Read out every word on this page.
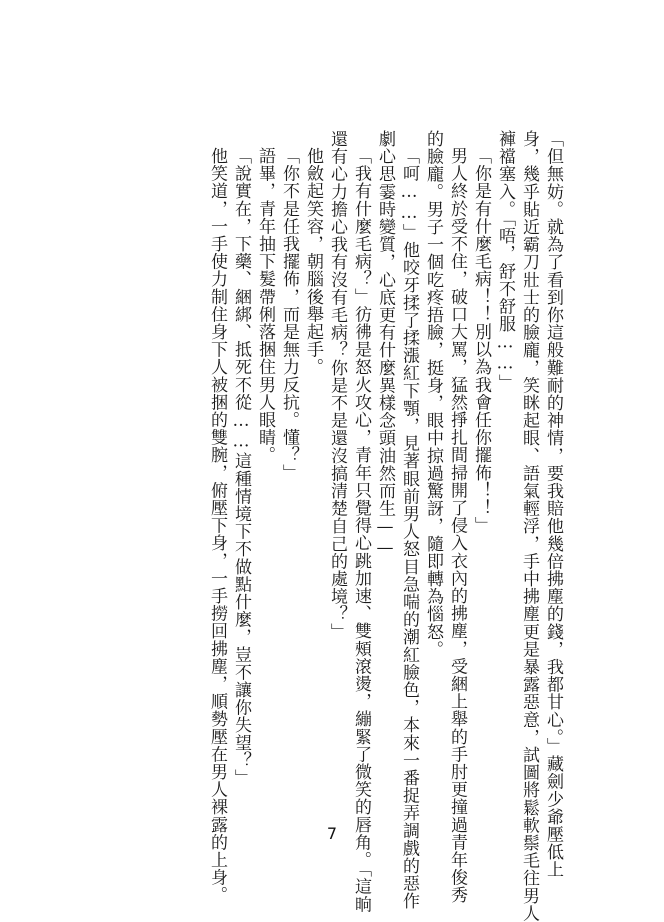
「但無妨。就為了看到你這般難耐的神情，要我賠他幾倍拂塵的錢，我都甘心。」藏劍少爺壓低上
身，幾乎貼近霸刀壯士的臉龐，笑眯起眼、語氣輕浮，手中拂塵更是暴露惡意，試圖將鬆軟鬃毛往男人
褲襠塞入。「唔，舒不舒服……」
「你是有什麼毛病！！別以為我會任你擺佈！！」
男人終於受不住，破口大罵，猛然掙扎間掃開了侵入衣內的拂塵，受綑上舉的手肘更撞過青年俊秀
的臉龐。男子一個吃疼捂臉，挺身，眼中掠過驚訝，隨即轉為惱怒。
「呵……」他咬牙揉了揉漲紅下顎，見著眼前男人怒目急喘的潮紅臉色，本來一番捉弄調戲的惡作
劇心思霎時變質，心底更有什麼異樣念頭油然而生——
「我有什麼毛病？」彷彿是怒火攻心，青年只覺得心跳加速、雙頰滾燙，繃緊了微笑的唇角。「這晌
還有心力擔心我有沒有毛病？你是不是還沒搞清楚自己的處境？」
他斂起笑容，朝腦後舉起手。
「你不是任我擺佈，而是無力反抗。懂？」
語畢，青年抽下髮帶俐落捆住男人眼睛。
「說實在，下藥、綑綁、抵死不從……這種情境下不做點什麼，豈不讓你失望？」
他笑道，一手使力制住身下人被捆的雙腕，俯壓下身，一手撈回拂塵，順勢壓在男人裸露的上身。	7
